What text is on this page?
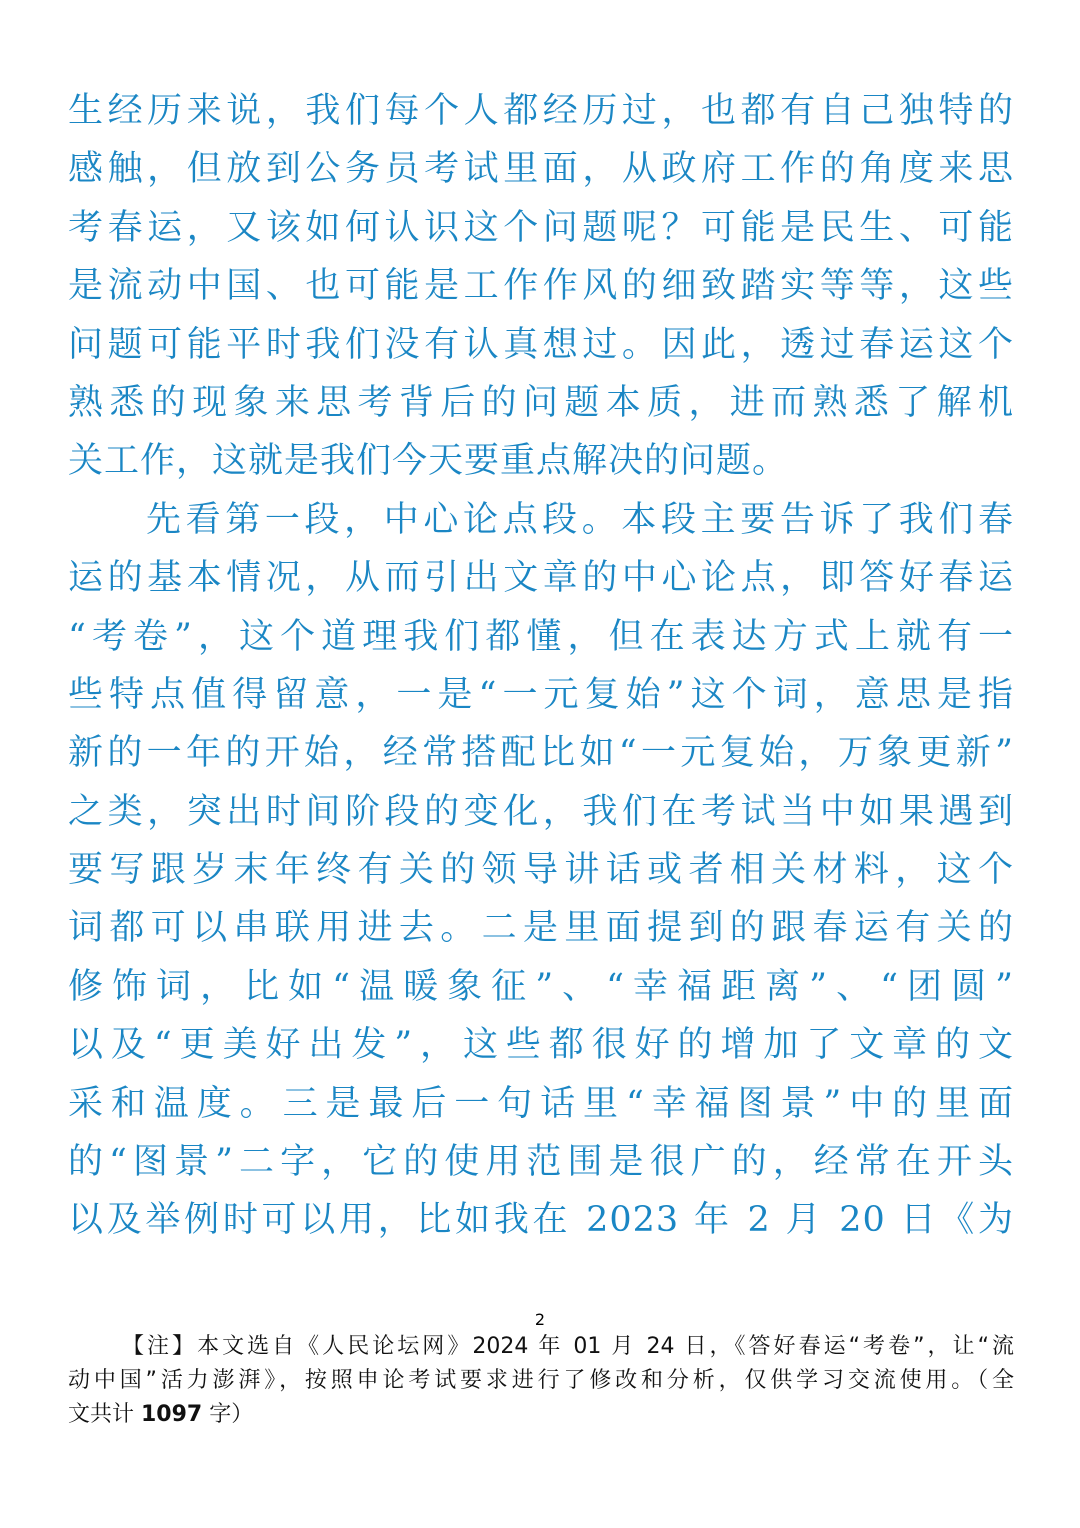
生经历来说，我们每个人都经历过，也都有自己独特的
感触，但放到公务员考试里面，从政府工作的角度来思
考春运，又该如何认识这个问题呢？可能是民生、可能
是流动中国、也可能是工作作风的细致踏实等等，这些
问题可能平时我们没有认真想过。因此，透过春运这个
熟悉的现象来思考背后的问题本质，进而熟悉了解机
关工作，这就是我们今天要重点解决的问题。
先看第一段，中心论点段。本段主要告诉了我们春
运的基本情况，从而引出文章的中心论点，即答好春运
“考卷”，这个道理我们都懂，但在表达方式上就有一
些特点值得留意，一是“一元复始”这个词，意思是指
新的一年的开始，经常搭配比如“一元复始，万象更新”
之类，突出时间阶段的变化，我们在考试当中如果遇到
要写跟岁末年终有关的领导讲话或者相关材料，这个
词都可以串联用进去。二是里面提到的跟春运有关的
修饰词，比如“温暖象征”、“幸福距离”、“团圆”
以及“更美好出发”，这些都很好的增加了文章的文
采和温度。三是最后一句话里“幸福图景”中的里面
的“图景”二字，它的使用范围是很广的，经常在开头
以及举例时可以用，比如我在 2023 年 2 月 20 日《为
2
【注】本文选自《人民论坛网》2024 年 01 月 24 日，《答好春运“考卷”，让“流
动中国”活力澎湃》，按照申论考试要求进行了修改和分析，仅供学习交流使用。（全
文共计 1097 字）
